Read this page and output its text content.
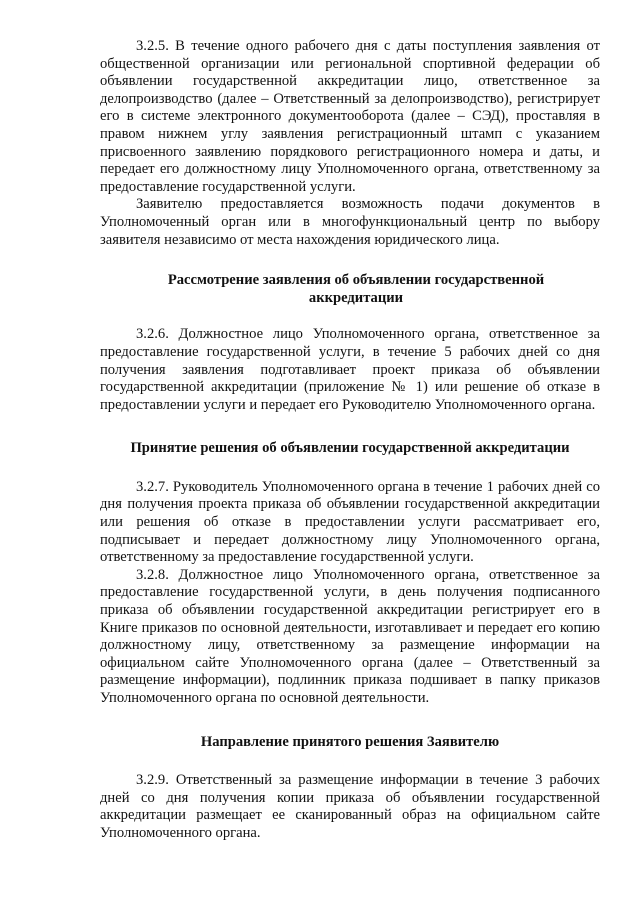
3.2.5. В течение одного рабочего дня с даты поступления заявления от общественной организации или региональной спортивной федерации об объявлении государственной аккредитации лицо, ответственное за делопроизводство (далее – Ответственный за делопроизводство), регистрирует его в системе электронного документооборота (далее – СЭД), проставляя в правом нижнем углу заявления регистрационный штамп с указанием присвоенного заявлению порядкового регистрационного номера и даты, и передает его должностному лицу Уполномоченного органа, ответственному за предоставление государственной услуги.

Заявителю предоставляется возможность подачи документов в Уполномоченный орган или в многофункциональный центр по выбору заявителя независимо от места нахождения юридического лица.

Рассмотрение заявления об объявлении государственной
аккредитации

3.2.6. Должностное лицо Уполномоченного органа, ответственное за предоставление государственной услуги, в течение 5 рабочих дней со дня получения заявления подготавливает проект приказа об объявлении государственной аккредитации (приложение № 1) или решение об отказе в предоставлении услуги и передает его Руководителю Уполномоченного органа.

Принятие решения об объявлении государственной аккредитации

3.2.7. Руководитель Уполномоченного органа в течение 1 рабочих дней со дня получения проекта приказа об объявлении государственной аккредитации или решения об отказе в предоставлении услуги рассматривает его, подписывает и передает должностному лицу Уполномоченного органа, ответственному за предоставление государственной услуги.

3.2.8. Должностное лицо Уполномоченного органа, ответственное за предоставление государственной услуги, в день получения подписанного приказа об объявлении государственной аккредитации регистрирует его в Книге приказов по основной деятельности, изготавливает и передает его копию должностному лицу, ответственному за размещение информации на официальном сайте Уполномоченного органа (далее – Ответственный за размещение информации), подлинник приказа подшивает в папку приказов Уполномоченного органа по основной деятельности.

Направление принятого решения Заявителю

3.2.9. Ответственный за размещение информации в течение 3 рабочих дней со дня получения копии приказа об объявлении государственной аккредитации размещает ее сканированный образ на официальном сайте Уполномоченного органа.
